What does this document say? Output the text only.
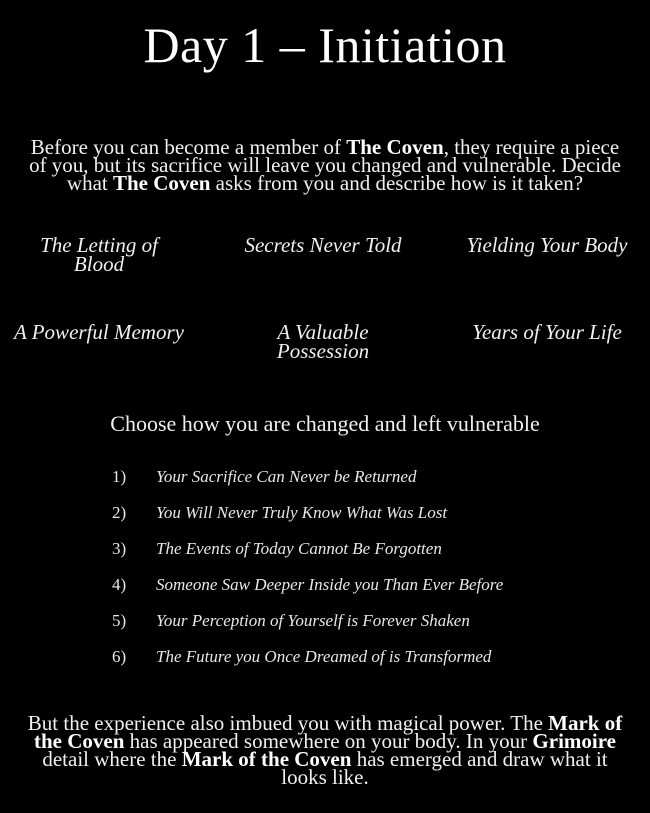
Day 1 – Initiation
Before you can become a member of The Coven, they require a piece of you, but its sacrifice will leave you changed and vulnerable. Decide what The Coven asks from you and describe how is it taken?
The Letting of Blood
Secrets Never Told	Yielding Your Body
A Powerful Memory	A Valuable Possession
Years of Your Life
Choose how you are changed and left vulnerable
1) Your Sacrifice Can Never be Returned
2) You Will Never Truly Know What Was Lost
3) The Events of Today Cannot Be Forgotten
4) Someone Saw Deeper Inside you Than Ever Before
5) Your Perception of Yourself is Forever Shaken
6) The Future you Once Dreamed of is Transformed
But the experience also imbued you with magical power. The Mark of the Coven has appeared somewhere on your body. In your Grimoire detail where the Mark of the Coven has emerged and draw what it looks like.
